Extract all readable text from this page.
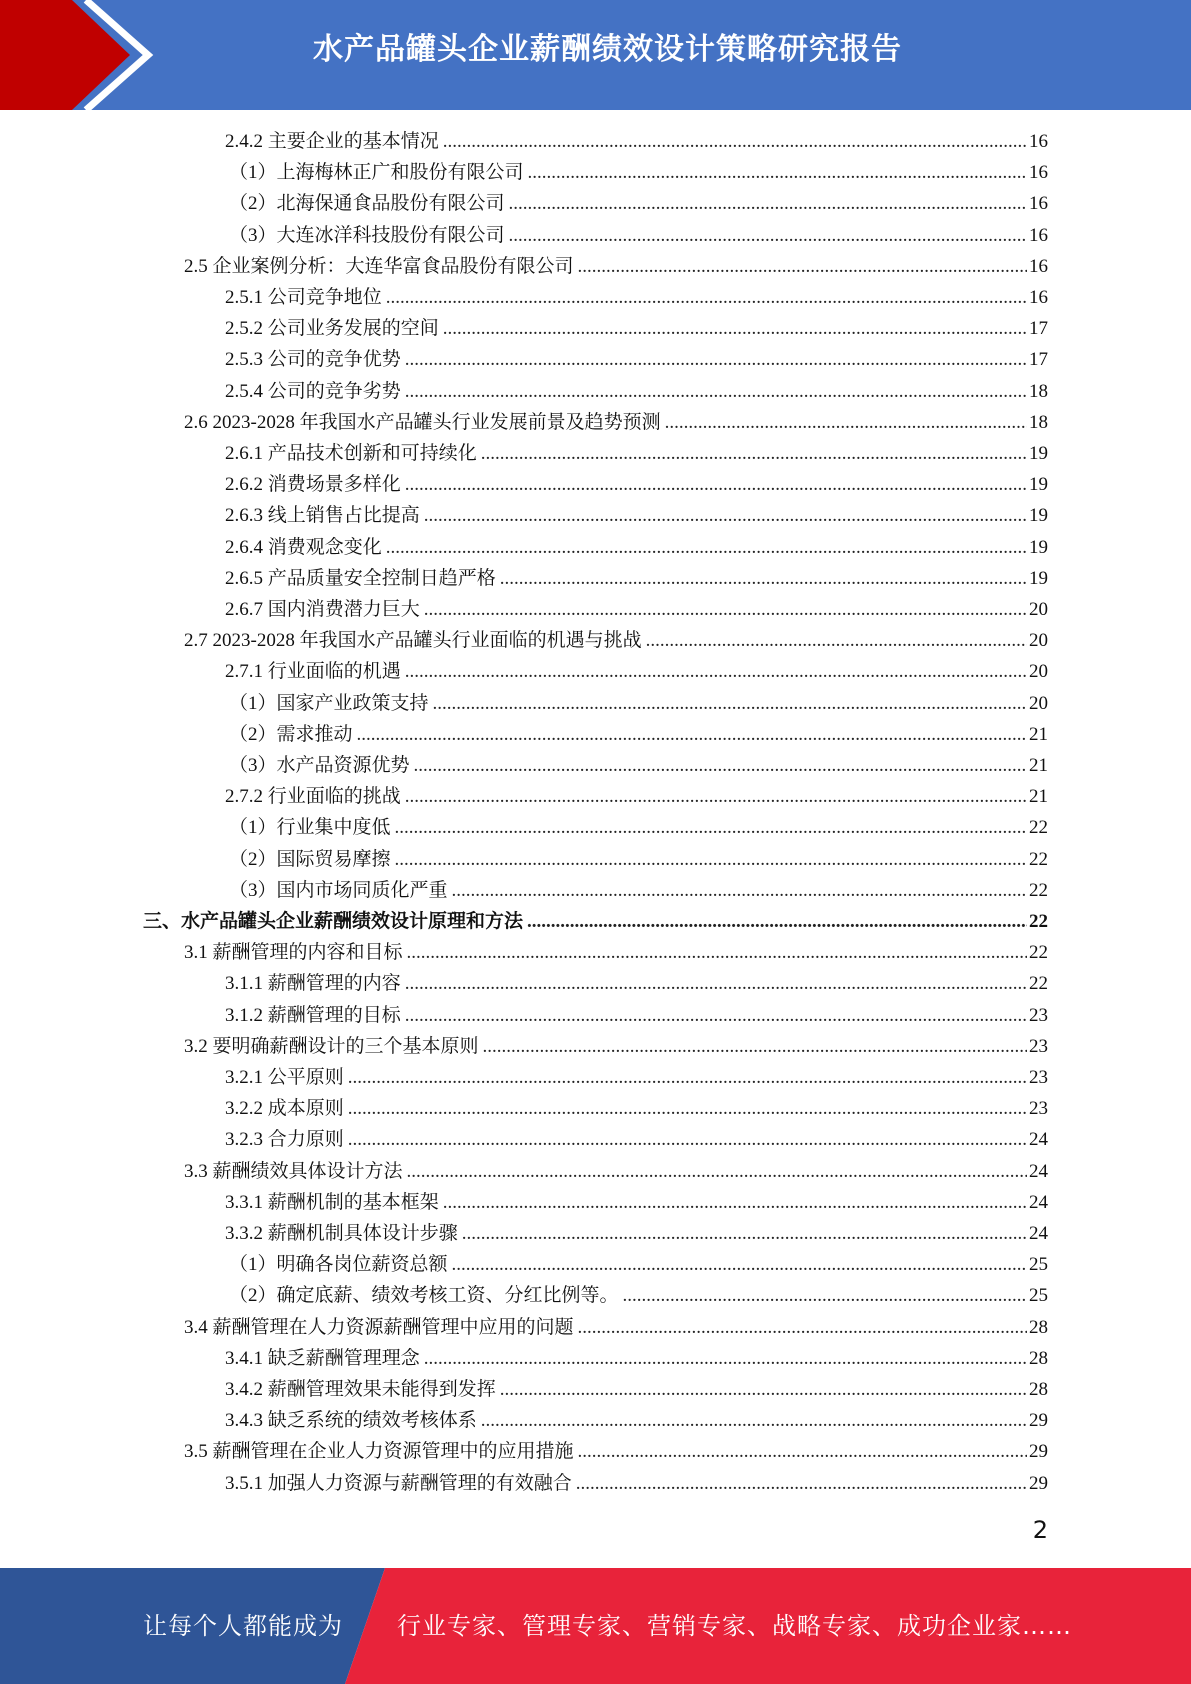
水产品罐头企业薪酬绩效设计策略研究报告
2.4.2 主要企业的基本情况 .....	16
（1）上海梅林正广和股份有限公司 .....	16
（2）北海保通食品股份有限公司 .....	16
（3）大连冰洋科技股份有限公司 .....	16
2.5 企业案例分析：大连华富食品股份有限公司 .....	16
2.5.1 公司竞争地位 .....	16
2.5.2 公司业务发展的空间 .....	17
2.5.3 公司的竞争优势 .....	17
2.5.4 公司的竞争劣势 .....	18
2.6 2023-2028 年我国水产品罐头行业发展前景及趋势预测 .....	18
2.6.1 产品技术创新和可持续化 .....	19
2.6.2 消费场景多样化 .....	19
2.6.3 线上销售占比提高 .....	19
2.6.4 消费观念变化 .....	19
2.6.5 产品质量安全控制日趋严格 .....	19
2.6.7 国内消费潜力巨大 .....	20
2.7 2023-2028 年我国水产品罐头行业面临的机遇与挑战 .....	20
2.7.1 行业面临的机遇 .....	20
（1）国家产业政策支持 .....	20
（2）需求推动 .....	21
（3）水产品资源优势 .....	21
2.7.2 行业面临的挑战 .....	21
（1）行业集中度低 .....	22
（2）国际贸易摩擦 .....	22
（3）国内市场同质化严重 .....	22
三、水产品罐头企业薪酬绩效设计原理和方法 .....	22
3.1 薪酬管理的内容和目标 .....	22
3.1.1 薪酬管理的内容 .....	22
3.1.2 薪酬管理的目标 .....	23
3.2 要明确薪酬设计的三个基本原则 .....	23
3.2.1 公平原则 .....	23
3.2.2 成本原则 .....	23
3.2.3 合力原则 .....	24
3.3 薪酬绩效具体设计方法 .....	24
3.3.1 薪酬机制的基本框架 .....	24
3.3.2 薪酬机制具体设计步骤 .....	24
（1）明确各岗位薪资总额 .....	25
（2）确定底薪、绩效考核工资、分红比例等。 .....	25
3.4 薪酬管理在人力资源薪酬管理中应用的问题 .....	28
3.4.1 缺乏薪酬管理理念 .....	28
3.4.2 薪酬管理效果未能得到发挥 .....	28
3.4.3 缺乏系统的绩效考核体系 .....	29
3.5 薪酬管理在企业人力资源管理中的应用措施 .....	29
3.5.1 加强人力资源与薪酬管理的有效融合 .....	29
2
让每个人都能成为 行业专家、管理专家、营销专家、战略专家、成功企业家……
